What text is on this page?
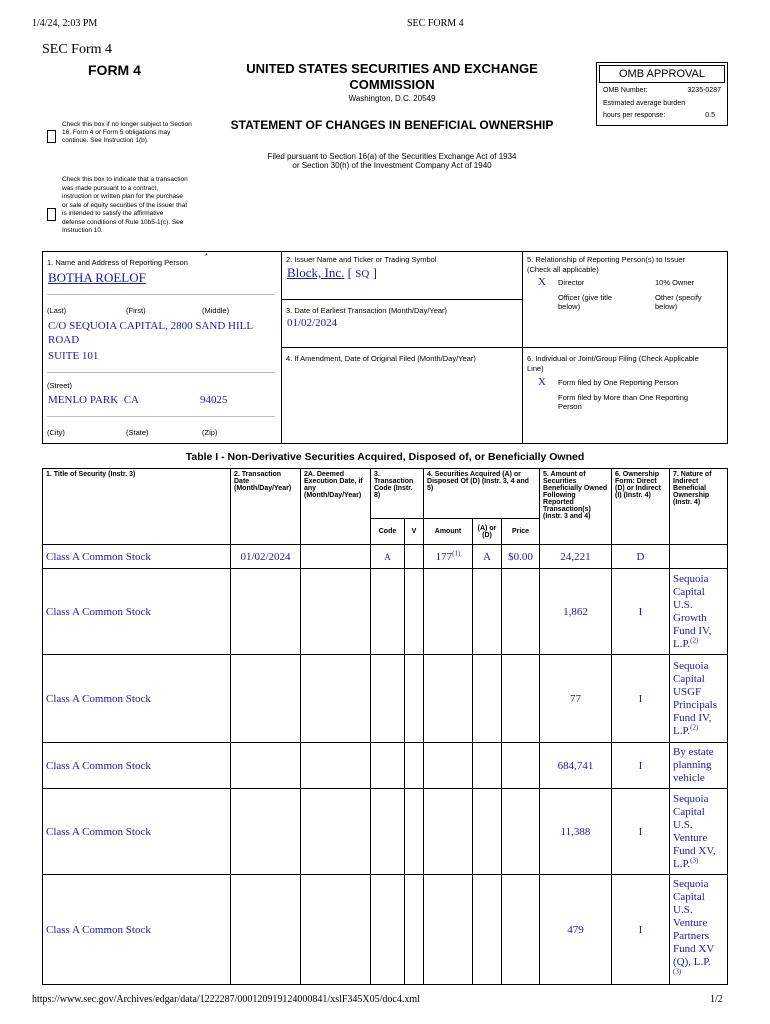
1/4/24, 2:03 PM	SEC FORM 4
SEC Form 4
FORM 4	UNITED STATES SECURITIES AND EXCHANGE
COMMISSION
Washington, D.C. 20549
OMB APPROVAL
OMB Number:	3235-0287
Estimated average burden
hours per response:	0.5
Check this box if no longer subject to Section 16. Form 4 or Form 5 obligations may continue. See Instruction 1(b).
STATEMENT OF CHANGES IN BENEFICIAL OWNERSHIP
Filed pursuant to Section 16(a) of the Securities Exchange Act of 1934
or Section 30(h) of the Investment Company Act of 1940
Check this box to indicate that a transaction was made pursuant to a contract, instruction or written plan for the purchase or sale of equity securities of the issuer that is intended to satisfy the affirmative defense conditions of Rule 10b5-1(c). See Instruction 10.
1. Name and Address of Reporting Person
*
BOTHA ROELOF
(Last)	(First)	(Middle)
C/O SEQUOIA CAPITAL, 2800 SAND HILL
ROAD
SUITE 101
(Street)
MENLO PARK  CA	94025
(City)	(State)	(Zip)
2. Issuer Name and Ticker or Trading Symbol
Block, Inc. [ SQ ]
3. Date of Earliest Transaction (Month/Day/Year)
01/02/2024
4. If Amendment, Date of Original Filed (Month/Day/Year)
5. Relationship of Reporting Person(s) to Issuer
(Check all applicable)
X Director	10% Owner
Officer (give title
below)
Other (specify
below)
6. Individual or Joint/Group Filing (Check Applicable
Line)
X Form filed by One Reporting Person
Form filed by More than One Reporting
Person
Table I - Non-Derivative Securities Acquired, Disposed of, or Beneficially Owned
1. Title of Security (Instr. 3)	2. Transaction Date (Month/Day/Year)	2A. Deemed Execution Date, if any (Month/Day/Year)	3. Transaction Code (Instr. 8)		4. Securities Acquired (A) or Disposed Of (D) (Instr. 3, 4 and 5)			5. Amount of Securities Beneficially Owned Following Reported Transaction(s) (Instr. 3 and 4)	6. Ownership Form: Direct (D) or Indirect (I) (Instr. 4)	7. Nature of Indirect Beneficial Ownership (Instr. 4)
			Code	V	Amount	(A) or (D)	Price			
Class A Common Stock	01/02/2024		A		177$^{(1)}$	A	$0.00	24,221	D	
Class A Common Stock								1,862	I	Sequoia Capital U.S. Growth Fund IV, L.P.$^{(2)}$
Class A Common Stock								77	I	Sequoia Capital USGF Principals Fund IV, L.P.$^{(2)}$
Class A Common Stock								684,741	I	By estate planning vehicle
Class A Common Stock								11,388	I	Sequoia Capital U.S. Venture Fund XV, L.P.$^{(3)}$
Class A Common Stock								479	I	Sequoia Capital U.S. Venture Partners Fund XV (Q), L.P.
$^{(3)}$
https://www.sec.gov/Archives/edgar/data/1222287/000120919124000841/xslF345X05/doc4.xml	1/2
